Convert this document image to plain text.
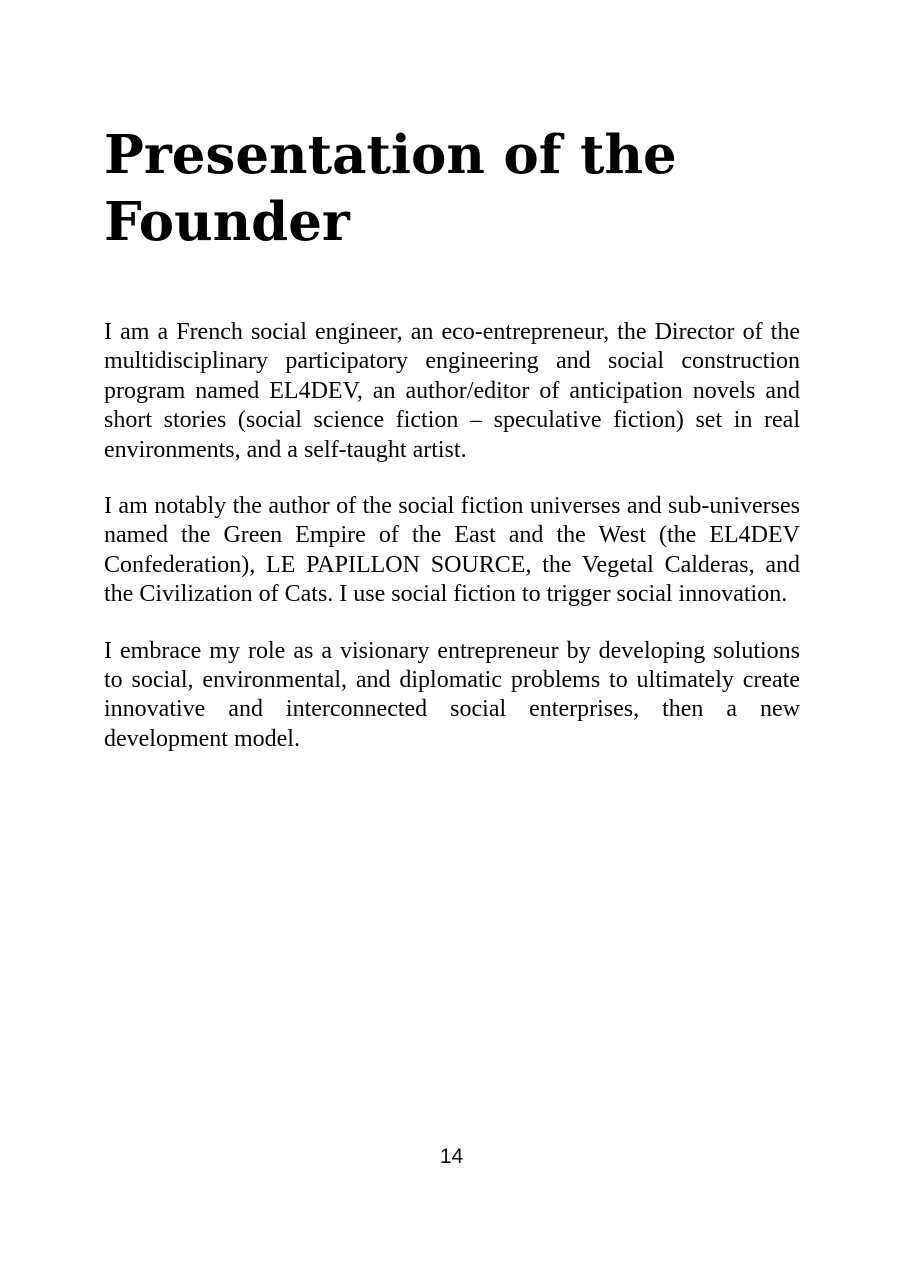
Presentation of the
Founder

I am a French social engineer, an eco-entrepreneur, the Director of the multidisciplinary participatory engineering and social construction program named EL4DEV, an author/editor of anticipation novels and short stories (social science fiction – speculative fiction) set in real environments, and a self-taught artist.

I am notably the author of the social fiction universes and sub-universes named the Green Empire of the East and the West (the EL4DEV Confederation), LE PAPILLON SOURCE, the Vegetal Calderas, and the Civilization of Cats. I use social fiction to trigger social innovation.

I embrace my role as a visionary entrepreneur by developing solutions to social, environmental, and diplomatic problems to ultimately create innovative and interconnected social enterprises, then a new development model.

14
